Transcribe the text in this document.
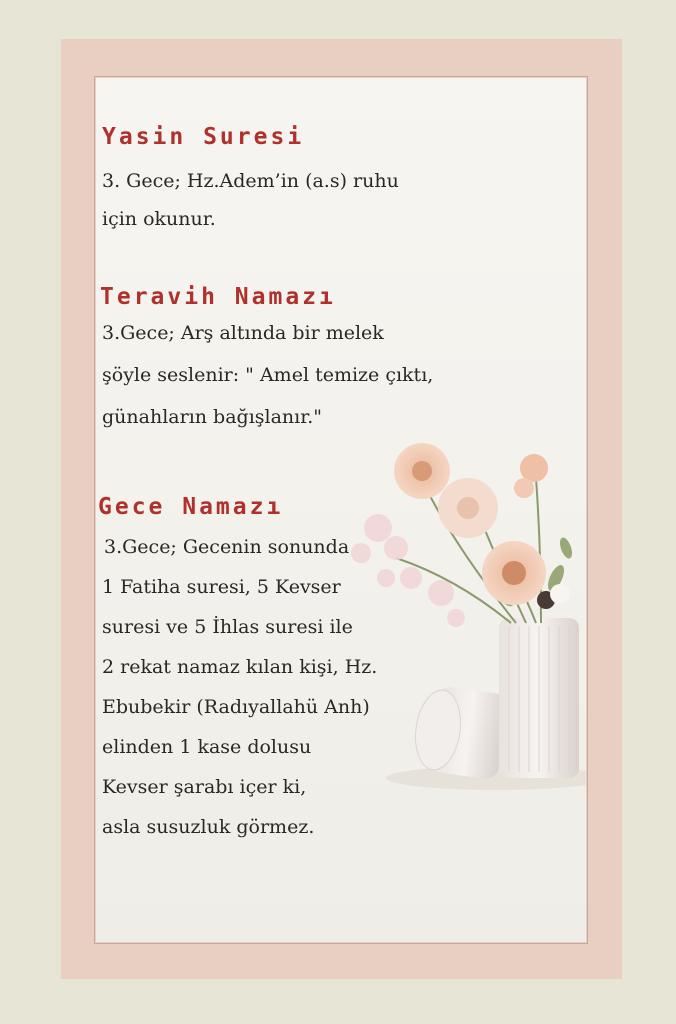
Yasin Suresi

3. Gece; Hz.Adem’in (a.s) ruhu

için okunur.

Teravih Namazı

3.Gece; Arş altında bir melek

şöyle seslenir: " Amel temize çıktı,

günahların bağışlanır."

Gece Namazı

3.Gece; Gecenin sonunda

1 Fatiha suresi, 5 Kevser

suresi ve 5 İhlas suresi ile

2 rekat namaz kılan kişi, Hz.

Ebubekir (Radıyallahü Anh)

elinden 1 kase dolusu

Kevser şarabı içer ki,

asla susuzluk görmez.
